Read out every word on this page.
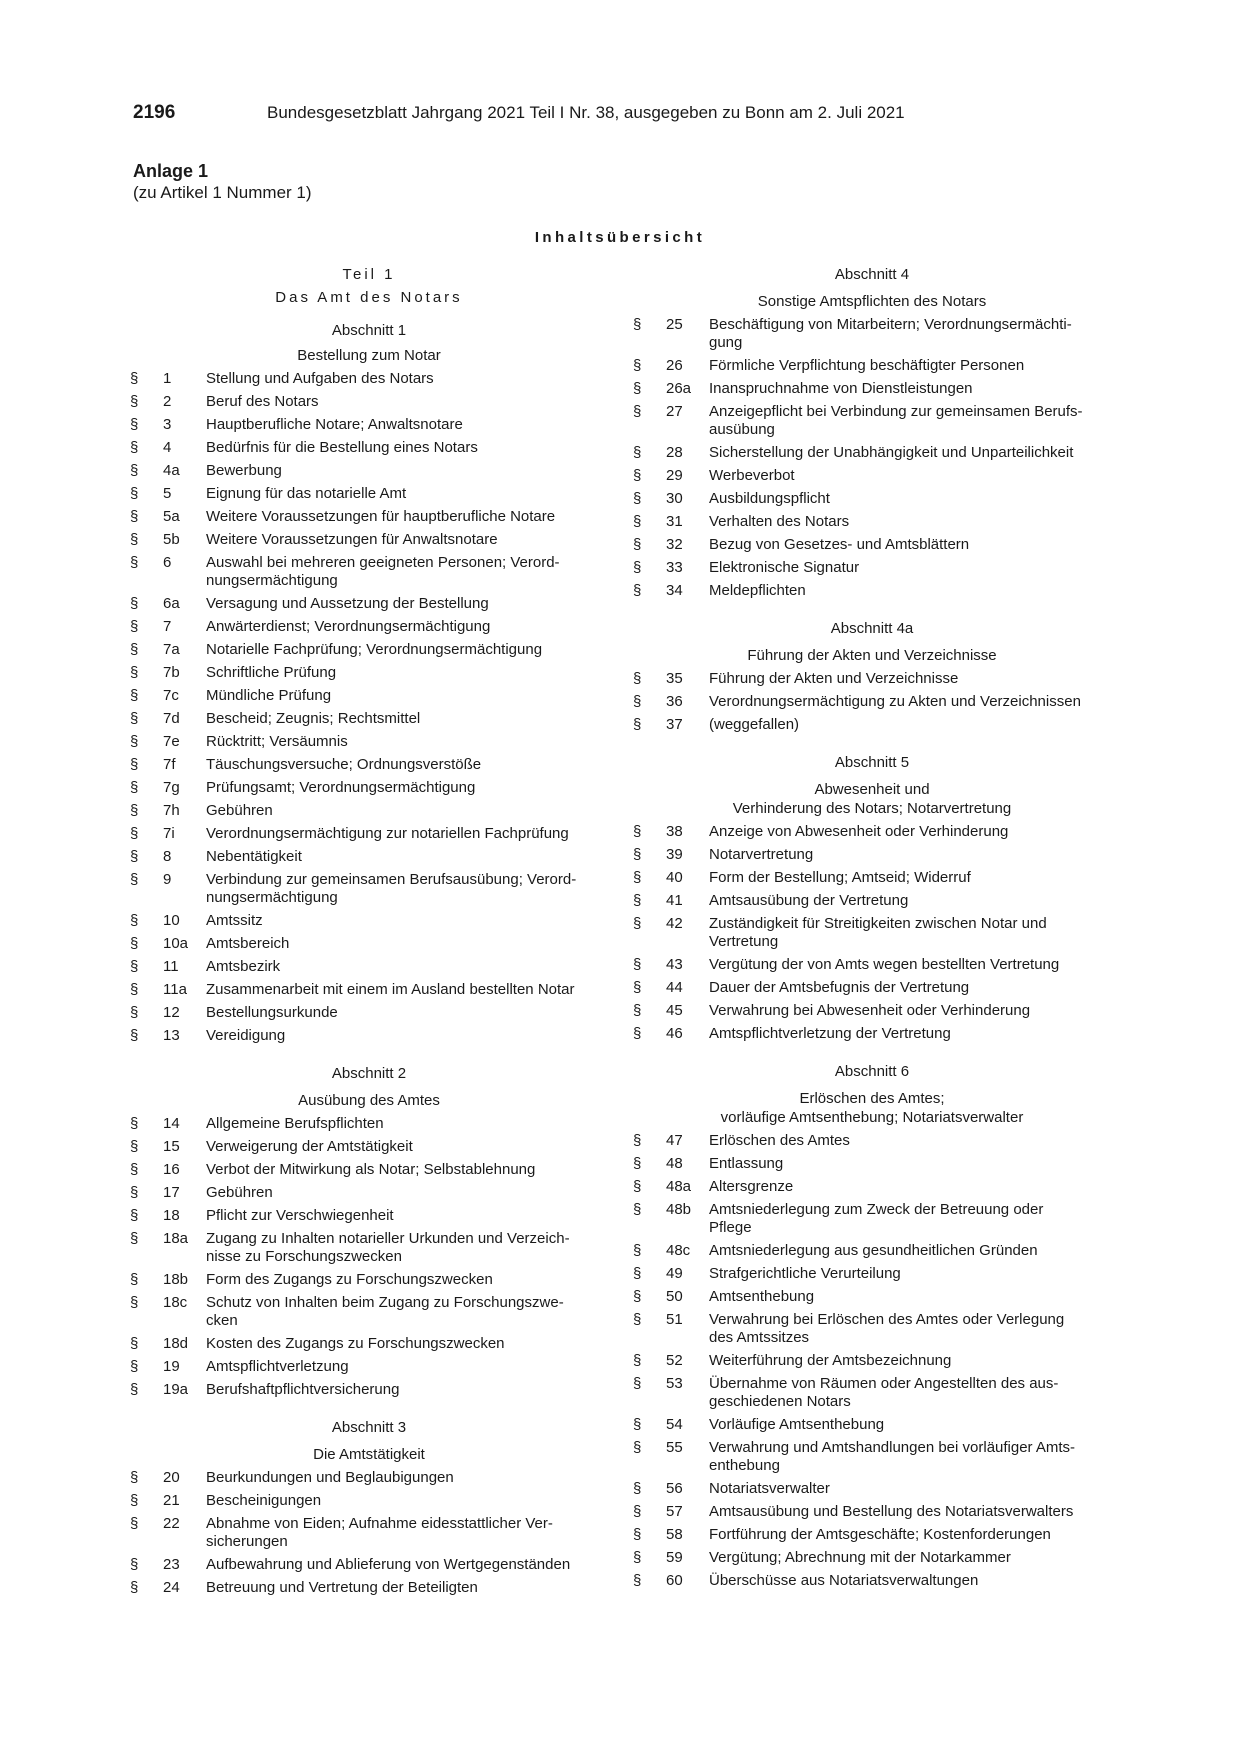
2196	Bundesgesetzblatt Jahrgang 2021 Teil I Nr. 38, ausgegeben zu Bonn am 2. Juli 2021
Anlage 1
(zu Artikel 1 Nummer 1)
Inhaltsübersicht
Teil 1
Das Amt des Notars
Abschnitt 1
Bestellung zum Notar
§	1	Stellung und Aufgaben des Notars
§	2	Beruf des Notars
§	3	Hauptberufliche Notare; Anwaltsnotare
§	4	Bedürfnis für die Bestellung eines Notars
§	4a	Bewerbung
§	5	Eignung für das notarielle Amt
§	5a	Weitere Voraussetzungen für hauptberufliche Notare
§	5b	Weitere Voraussetzungen für Anwaltsnotare
§	6	Auswahl bei mehreren geeigneten Personen; Verord-
nungsermächtigung
§	6a	Versagung und Aussetzung der Bestellung
§	7	Anwärterdienst; Verordnungsermächtigung
§	7a	Notarielle Fachprüfung; Verordnungsermächtigung
§	7b	Schriftliche Prüfung
§	7c	Mündliche Prüfung
§	7d	Bescheid; Zeugnis; Rechtsmittel
§	7e	Rücktritt; Versäumnis
§	7f	Täuschungsversuche; Ordnungsverstöße
§	7g	Prüfungsamt; Verordnungsermächtigung
§	7h	Gebühren
§	7i	Verordnungsermächtigung zur notariellen Fachprüfung
§	8	Nebentätigkeit
§	9	Verbindung zur gemeinsamen Berufsausübung; Verord-
nungsermächtigung
§	10	Amtssitz
§	10a	Amtsbereich
§	11	Amtsbezirk
§	11a	Zusammenarbeit mit einem im Ausland bestellten Notar
§	12	Bestellungsurkunde
§	13	Vereidigung
Abschnitt 2
Ausübung des Amtes
§	14	Allgemeine Berufspflichten
§	15	Verweigerung der Amtstätigkeit
§	16	Verbot der Mitwirkung als Notar; Selbstablehnung
§	17	Gebühren
§	18	Pflicht zur Verschwiegenheit
§	18a	Zugang zu Inhalten notarieller Urkunden und Verzeich-
nisse zu Forschungszwecken
§	18b	Form des Zugangs zu Forschungszwecken
§	18c	Schutz von Inhalten beim Zugang zu Forschungszwe-
cken
§	18d	Kosten des Zugangs zu Forschungszwecken
§	19	Amtspflichtverletzung
§	19a	Berufshaftpflichtversicherung
Abschnitt 3
Die Amtstätigkeit
§	20	Beurkundungen und Beglaubigungen
§	21	Bescheinigungen
§	22	Abnahme von Eiden; Aufnahme eidesstattlicher Ver-
sicherungen
§	23	Aufbewahrung und Ablieferung von Wertgegenständen
§	24	Betreuung und Vertretung der Beteiligten
Abschnitt 4
Sonstige Amtspflichten des Notars
§	25	Beschäftigung von Mitarbeitern; Verordnungsermächti-
gung
§	26	Förmliche Verpflichtung beschäftigter Personen
§	26a	Inanspruchnahme von Dienstleistungen
§	27	Anzeigepflicht bei Verbindung zur gemeinsamen Berufs-
ausübung
§	28	Sicherstellung der Unabhängigkeit und Unparteilichkeit
§	29	Werbeverbot
§	30	Ausbildungspflicht
§	31	Verhalten des Notars
§	32	Bezug von Gesetzes- und Amtsblättern
§	33	Elektronische Signatur
§	34	Meldepflichten
Abschnitt 4a
Führung der Akten und Verzeichnisse
§	35	Führung der Akten und Verzeichnisse
§	36	Verordnungsermächtigung zu Akten und Verzeichnissen
§	37	(weggefallen)
Abschnitt 5
Abwesenheit und
Verhinderung des Notars; Notarvertretung
§	38	Anzeige von Abwesenheit oder Verhinderung
§	39	Notarvertretung
§	40	Form der Bestellung; Amtseid; Widerruf
§	41	Amtsausübung der Vertretung
§	42	Zuständigkeit für Streitigkeiten zwischen Notar und
Vertretung
§	43	Vergütung der von Amts wegen bestellten Vertretung
§	44	Dauer der Amtsbefugnis der Vertretung
§	45	Verwahrung bei Abwesenheit oder Verhinderung
§	46	Amtspflichtverletzung der Vertretung
Abschnitt 6
Erlöschen des Amtes;
vorläufige Amtsenthebung; Notariatsverwalter
§	47	Erlöschen des Amtes
§	48	Entlassung
§	48a	Altersgrenze
§	48b	Amtsniederlegung zum Zweck der Betreuung oder
Pflege
§	48c	Amtsniederlegung aus gesundheitlichen Gründen
§	49	Strafgerichtliche Verurteilung
§	50	Amtsenthebung
§	51	Verwahrung bei Erlöschen des Amtes oder Verlegung
des Amtssitzes
§	52	Weiterführung der Amtsbezeichnung
§	53	Übernahme von Räumen oder Angestellten des aus-
geschiedenen Notars
§	54	Vorläufige Amtsenthebung
§	55	Verwahrung und Amtshandlungen bei vorläufiger Amts-
enthebung
§	56	Notariatsverwalter
§	57	Amtsausübung und Bestellung des Notariatsverwalters
§	58	Fortführung der Amtsgeschäfte; Kostenforderungen
§	59	Vergütung; Abrechnung mit der Notarkammer
§	60	Überschüsse aus Notariatsverwaltungen
